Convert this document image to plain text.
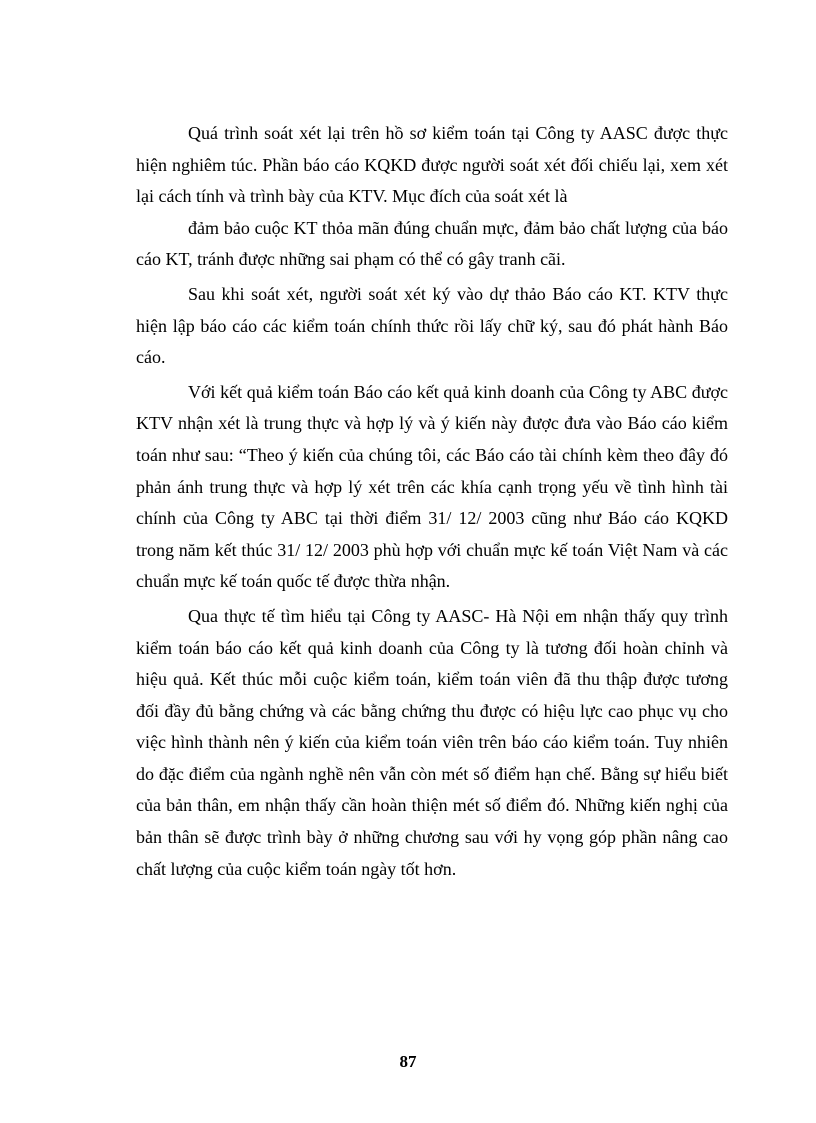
Quá trình soát xét lại trên hồ sơ kiểm toán tại Công ty AASC được thực hiện nghiêm túc. Phần báo cáo KQKD được người soát xét đối chiếu lại, xem xét lại cách tính và trình bày của KTV. Mục đích của soát xét là

đảm bảo cuộc KT thỏa mãn đúng chuẩn mực, đảm bảo chất lượng của báo cáo KT, tránh được những sai phạm có thể có gây tranh cãi.

Sau khi soát xét, người soát xét ký vào dự thảo Báo cáo KT. KTV thực hiện lập báo cáo các kiểm toán chính thức rồi lấy chữ ký, sau đó phát hành Báo cáo.

Với kết quả kiểm toán Báo cáo kết quả kinh doanh của Công ty ABC được KTV nhận xét là trung thực và hợp lý và ý kiến này được đưa vào Báo cáo kiểm toán như sau: “Theo ý kiến của chúng tôi, các Báo cáo tài chính kèm theo đây đó phản ánh trung thực và hợp lý xét trên các khía cạnh trọng yếu về tình hình tài chính của Công ty ABC tại thời điểm 31/ 12/ 2003 cũng như Báo cáo KQKD trong năm kết thúc 31/ 12/ 2003 phù hợp với chuẩn mực kế toán Việt Nam và các chuẩn mực kế toán quốc tế được thừa nhận.

Qua thực tế tìm hiểu tại Công ty AASC- Hà Nội em nhận thấy quy trình kiểm toán báo cáo kết quả kinh doanh của Công ty là tương đối hoàn chỉnh và hiệu quả. Kết thúc mỗi cuộc kiểm toán, kiểm toán viên đã thu thập được tương đối đầy đủ bằng chứng và các bằng chứng thu được có hiệu lực cao phục vụ cho việc hình thành nên ý kiến của kiểm toán viên trên báo cáo kiểm toán. Tuy nhiên do đặc điểm của ngành nghề nên vẫn còn mét số điểm hạn chế. Bằng sự hiểu biết của bản thân, em nhận thấy cần hoàn thiện mét số điểm đó. Những kiến nghị của bản thân sẽ được trình bày ở những chương sau với hy vọng góp phần nâng cao chất lượng của cuộc kiểm toán ngày tốt hơn.

87
